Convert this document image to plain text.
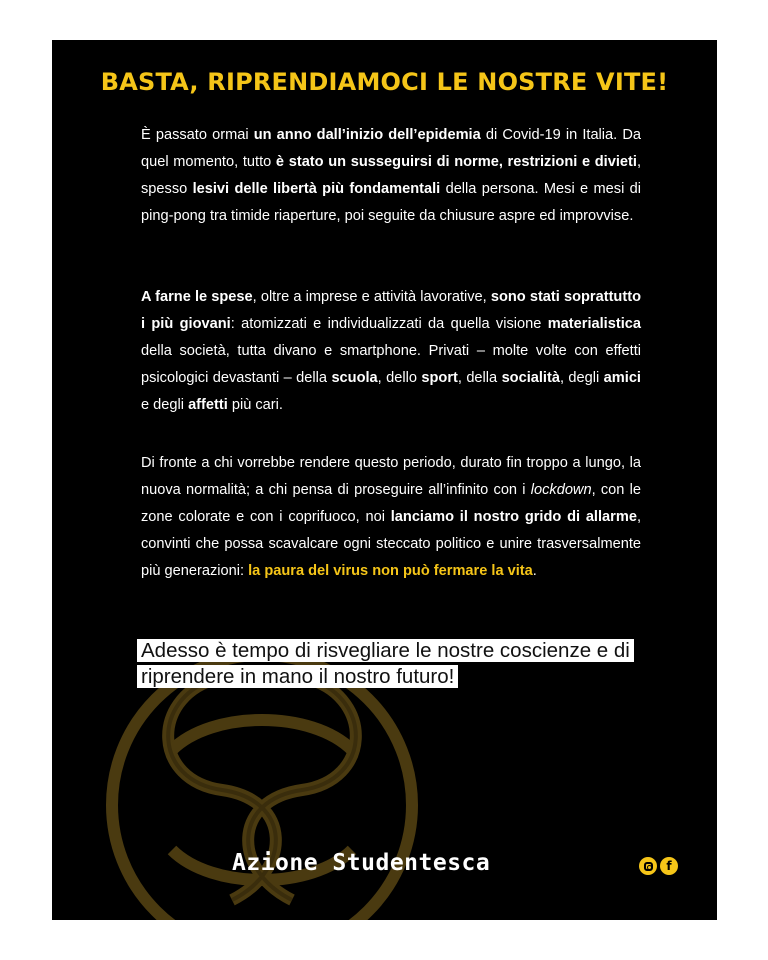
BASTA, RIPRENDIAMOCI LE NOSTRE VITE!

È passato ormai un anno dall’inizio dell’epidemia di Covid-19 in Italia. Da quel momento, tutto è stato un susseguirsi di norme, restrizioni e divieti, spesso lesivi delle libertà più fondamentali della persona. Mesi e mesi di ping-pong tra timide riaperture, poi seguite da chiusure aspre ed improvvise.

A farne le spese, oltre a imprese e attività lavorative, sono stati soprattutto i più giovani: atomizzati e individualizzati da quella visione materialistica della società, tutta divano e smartphone. Privati – molte volte con effetti psicologici devastanti – della scuola, dello sport, della socialità, degli amici e degli affetti più cari.

Di fronte a chi vorrebbe rendere questo periodo, durato fin troppo a lungo, la nuova normalità; a chi pensa di proseguire all’infinito con i lockdown, con le zone colorate e con i coprifuoco, noi lanciamo il nostro grido di allarme, convinti che possa scavalcare ogni steccato politico e unire trasversalmente più generazioni: la paura del virus non può fermare la vita.

Adesso è tempo di risvegliare le nostre coscienze e di riprendere in mano il nostro futuro!
Azione Studentesca	f
